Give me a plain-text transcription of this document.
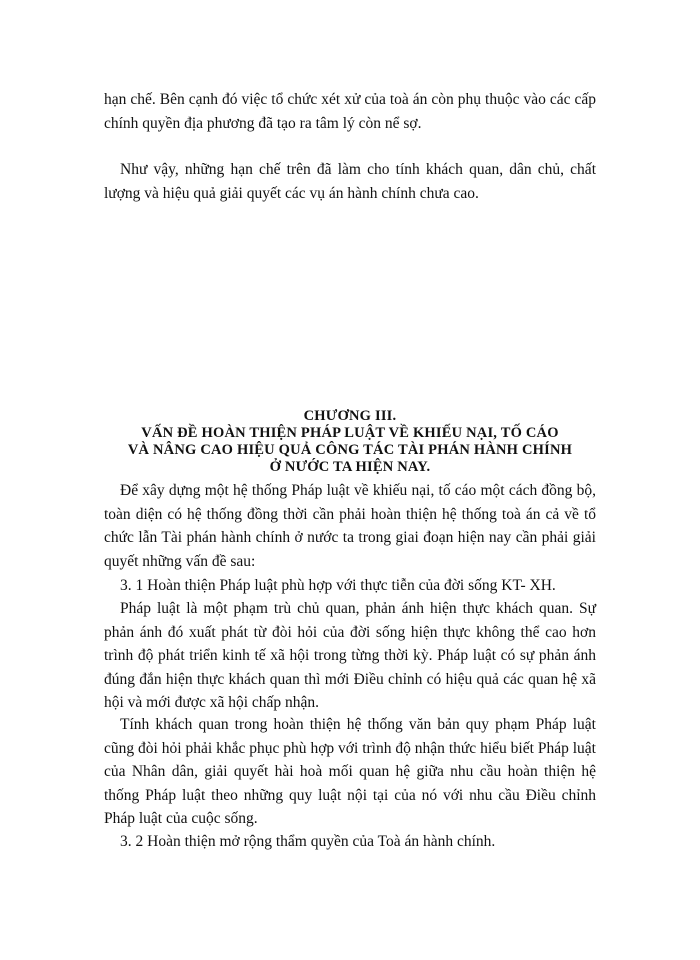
hạn chế. Bên cạnh đó việc tổ chức xét xử của toà án còn phụ thuộc vào các cấp chính quyền địa phương đã tạo ra tâm lý còn nể sợ.

Như vậy, những hạn chế trên đã làm cho tính khách quan, dân chủ, chất lượng và hiệu quả giải quyết các vụ án hành chính chưa cao.

CHƯƠNG III.
VẤN ĐỀ HOÀN THIỆN PHÁP LUẬT VỀ KHIẾU NẠI, TỐ CÁO
VÀ NÂNG CAO HIỆU QUẢ CÔNG TÁC TÀI PHÁN HÀNH CHÍNH
Ở NƯỚC TA HIỆN NAY.

Để xây dựng một hệ thống Pháp luật về khiếu nại, tố cáo một cách đồng bộ, toàn diện có hệ thống đồng thời cần phải hoàn thiện hệ thống toà án cả về tổ chức lẫn Tài phán hành chính ở nước ta trong giai đoạn hiện nay cần phải giải quyết những vấn đề sau:

3. 1 Hoàn thiện Pháp luật phù hợp với thực tiễn của đời sống KT- XH.

Pháp luật là một phạm trù chủ quan, phản ánh hiện thực khách quan. Sự phản ánh đó xuất phát từ đòi hỏi của đời sống hiện thực không thể cao hơn trình độ phát triển kinh tế xã hội trong từng thời kỳ. Pháp luật có sự phản ánh đúng đắn hiện thực khách quan thì mới Điều chỉnh có hiệu quả các quan hệ xã hội và mới được xã hội chấp nhận.

Tính khách quan trong hoàn thiện hệ thống văn bản quy phạm Pháp luật cũng đòi hỏi phải khắc phục phù hợp với trình độ nhận thức hiểu biết Pháp luật của Nhân dân, giải quyết hài hoà mối quan hệ giữa nhu cầu hoàn thiện hệ thống Pháp luật theo những quy luật nội tại của nó với nhu cầu Điều chỉnh Pháp luật của cuộc sống.

3. 2 Hoàn thiện mở rộng thẩm quyền của Toà án hành chính.
